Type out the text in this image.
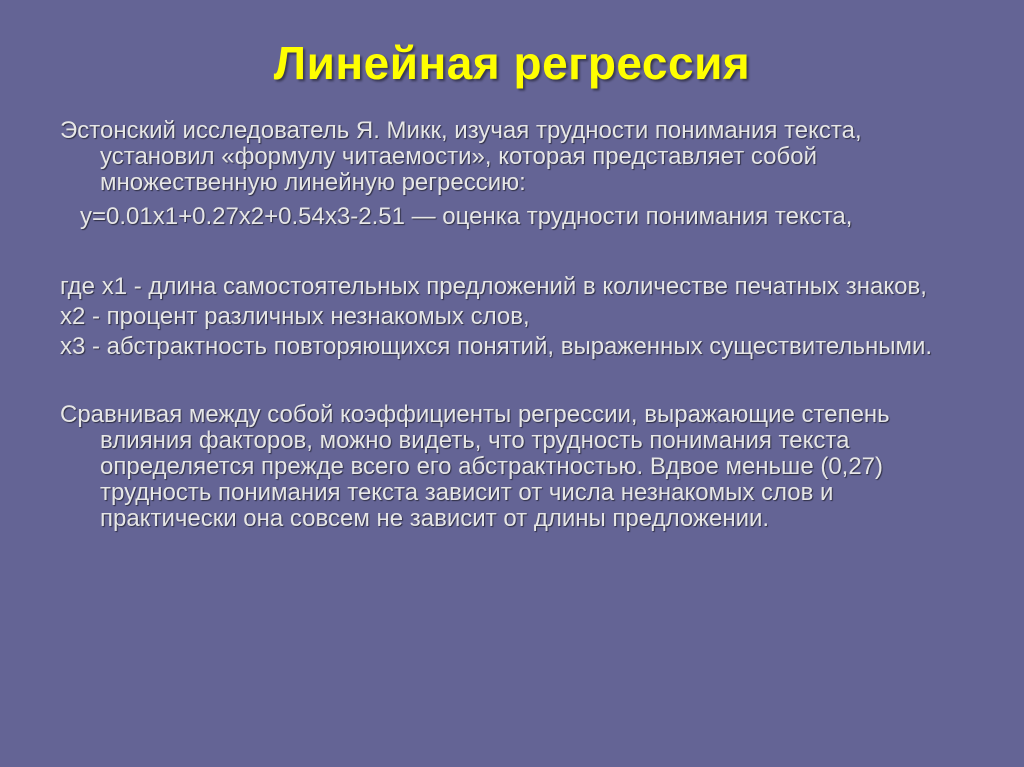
Линейная регрессия

Эстонский исследователь Я. Микк, изучая трудности понимания текста, установил «формулу читаемости», которая представляет собой множественную линейную регрессию:

y=0.01x1+0.27x2+0.54x3-2.51 — оценка трудности понимания текста,

где x1 - длина самостоятельных предложений в количестве печатных знаков,

x2 - процент различных незнакомых слов,

x3 - абстрактность повторяющихся понятий, выраженных существительными.

Сравнивая между собой коэффициенты регрессии, выражающие степень влияния факторов, можно видеть, что трудность понимания текста определяется прежде всего его абстрактностью. Вдвое меньше (0,27) трудность понимания текста зависит от числа незнакомых слов и практически она совсем не зависит от длины предложении.
